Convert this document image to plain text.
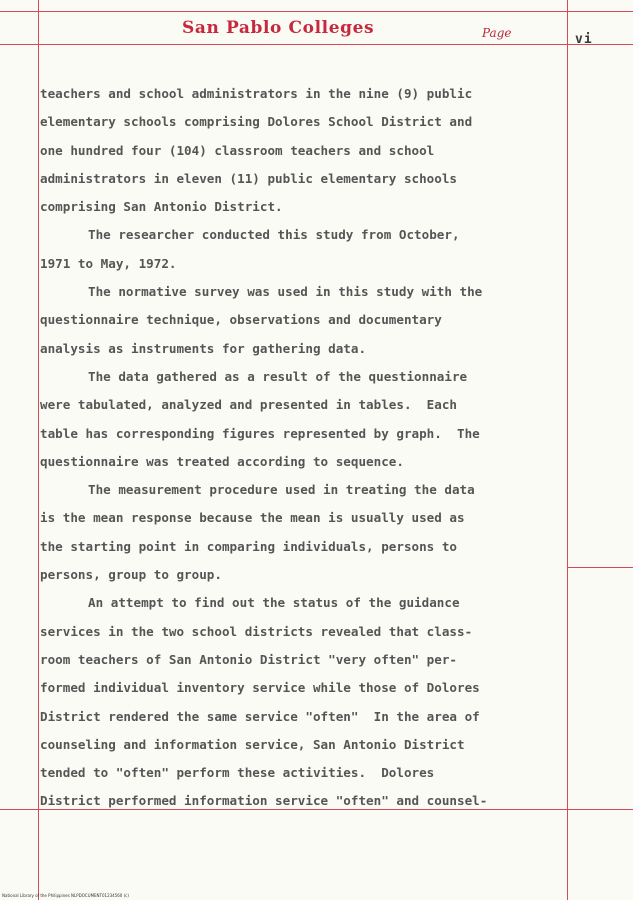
San Pablo Colleges	Page	vi
teachers and school administrators in the nine (9) public
elementary schools comprising Dolores School District and
one hundred four (104) classroom teachers and school
administrators in eleven (11) public elementary schools
comprising San Antonio District.
The researcher conducted this study from October,
1971 to May, 1972.
The normative survey was used in this study with the
questionnaire technique, observations and documentary
analysis as instruments for gathering data.
The data gathered as a result of the questionnaire
were tabulated, analyzed and presented in tables.  Each
table has corresponding figures represented by graph.  The
questionnaire was treated according to sequence.
The measurement procedure used in treating the data
is the mean response because the mean is usually used as
the starting point in comparing individuals, persons to
persons, group to group.
An attempt to find out the status of the guidance
services in the two school districts revealed that class-
room teachers of San Antonio District "very often" per-
formed individual inventory service while those of Dolores
District rendered the same service "often"  In the area of
counseling and information service, San Antonio District
tended to "often" perform these activities.  Dolores
District performed information service "often" and counsel-
National Library of the Philippines NLPDOCUMENT01234560 (c)
